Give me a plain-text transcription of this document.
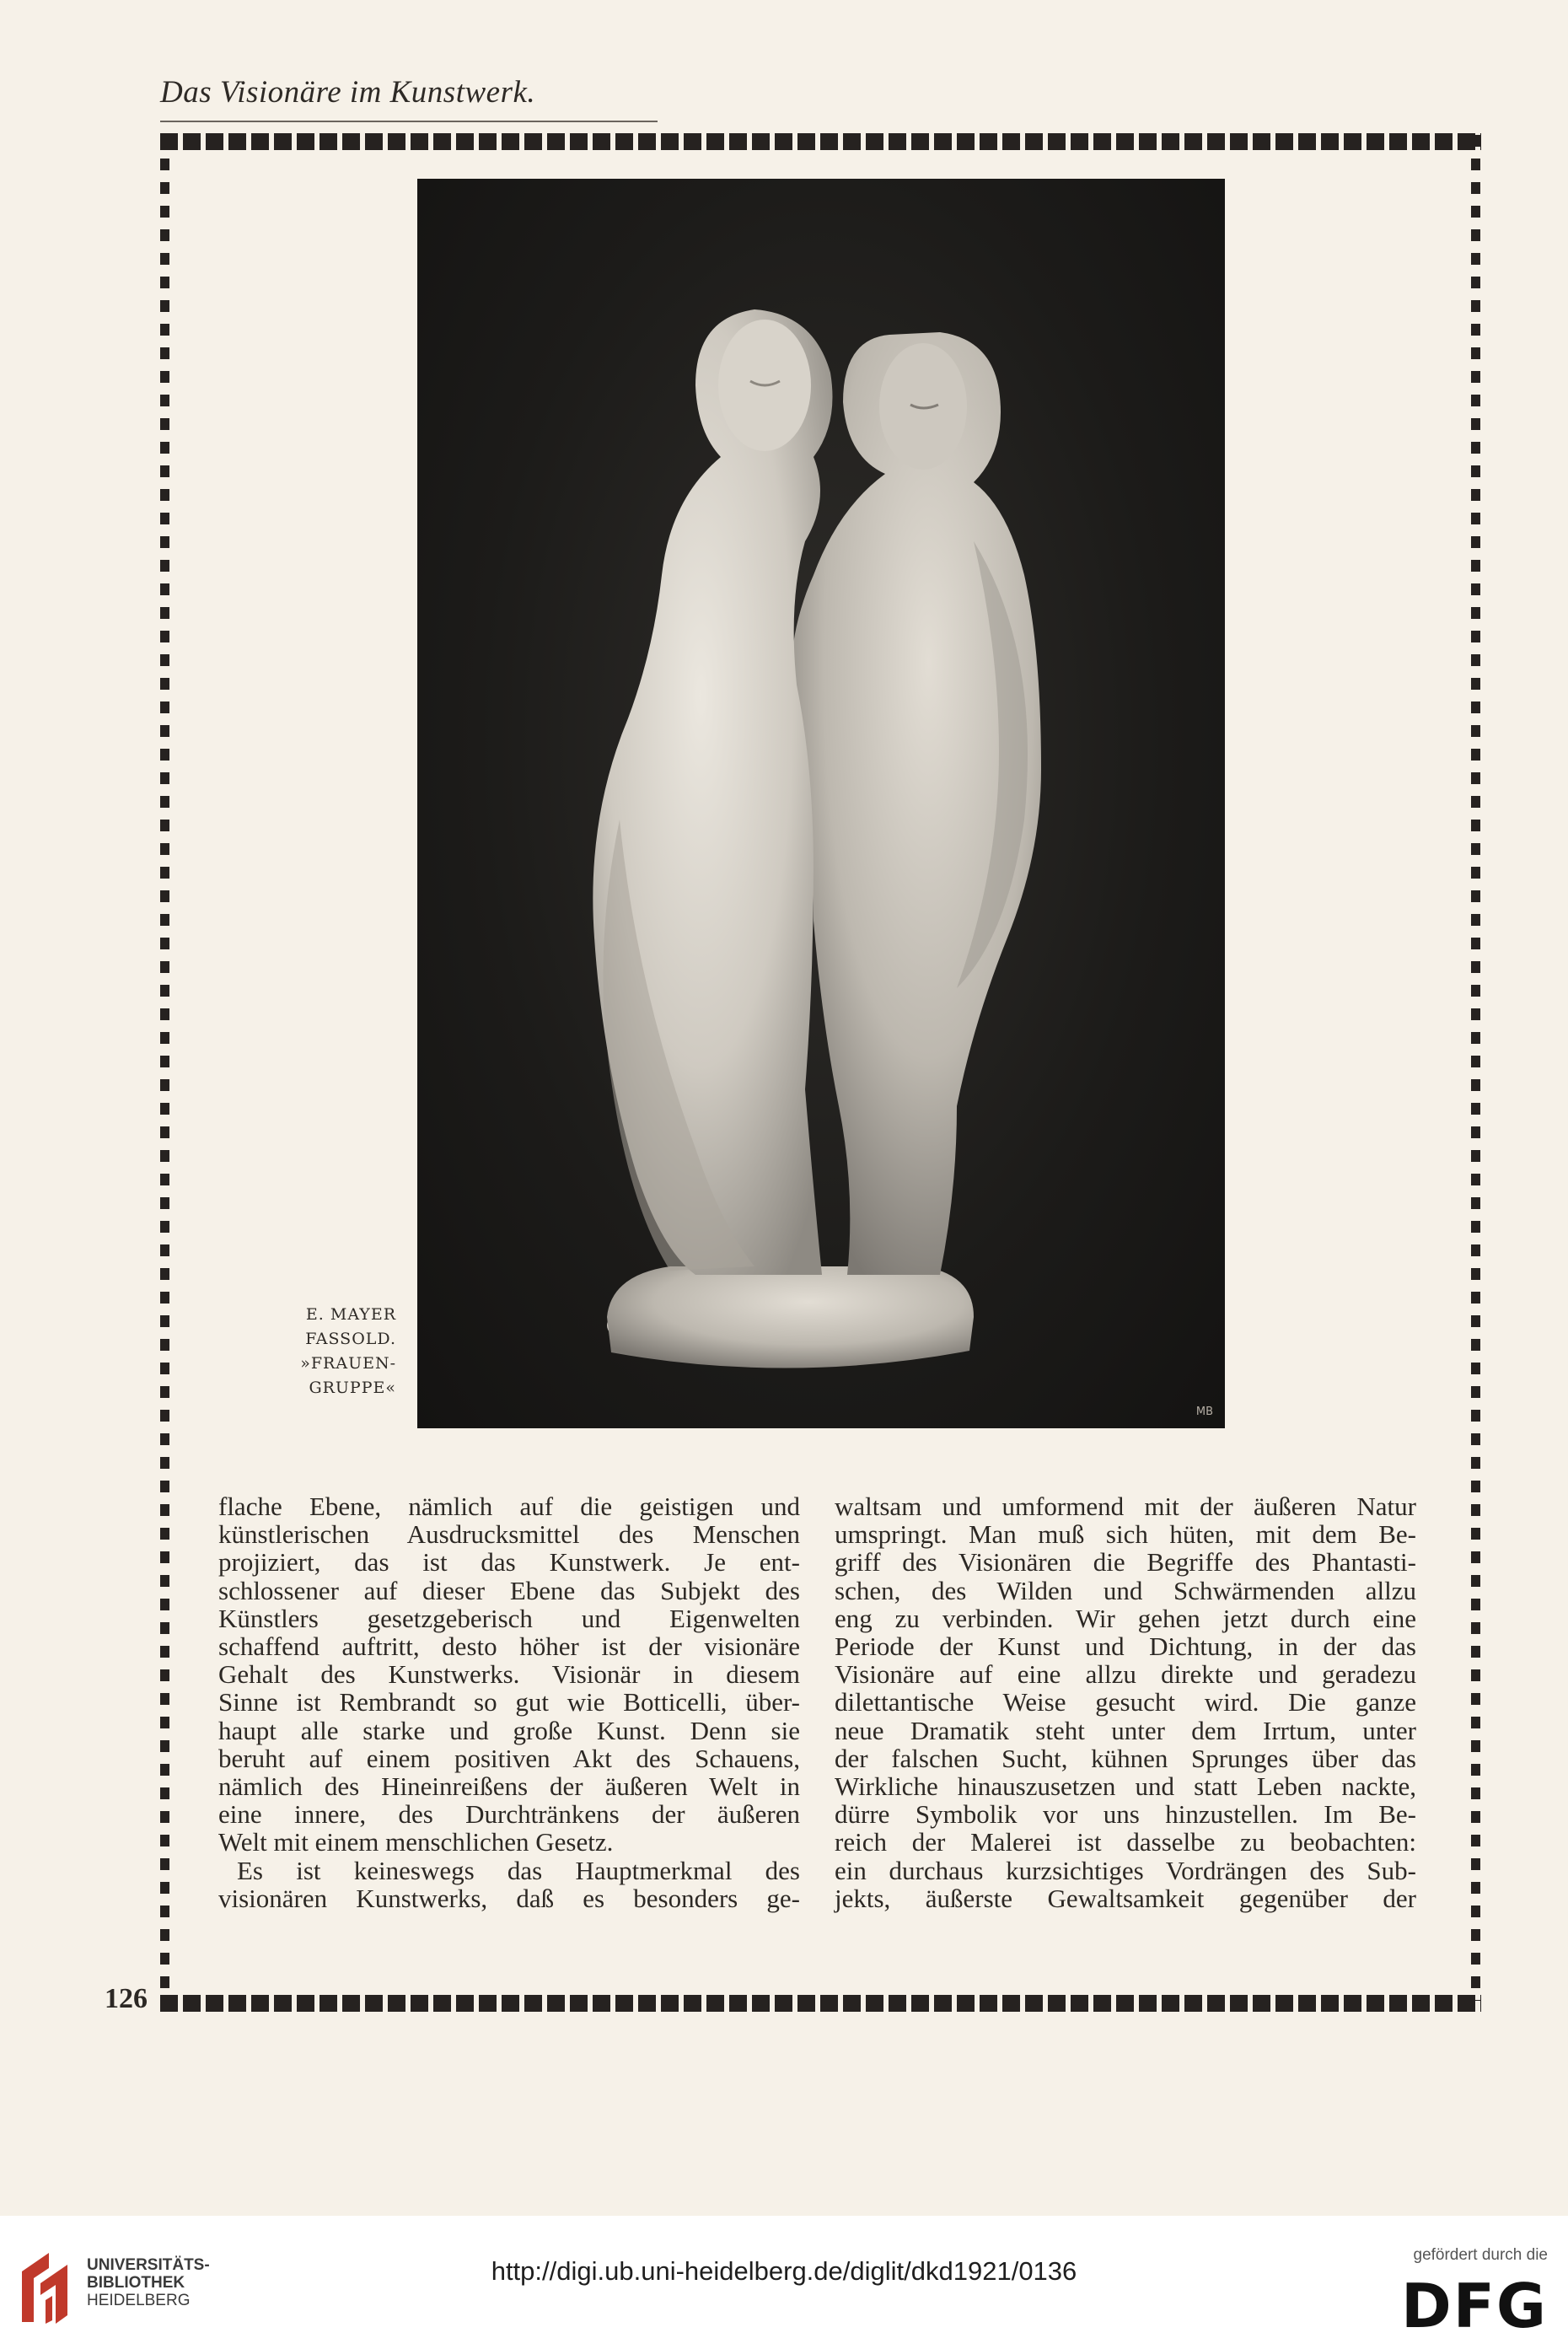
Das Visionäre im Kunstwerk.
MB
E. MAYER
FASSOLD.
»FRAUEN-
GRUPPE«
flache Ebene, nämlich auf die geistigen und
künstlerischen Ausdrucksmittel des Menschen
projiziert, das ist das Kunstwerk. Je ent-
schlossener auf dieser Ebene das Subjekt des
Künstlers gesetzgeberisch und Eigenwelten
schaffend auftritt, desto höher ist der visionäre
Gehalt des Kunstwerks. Visionär in diesem
Sinne ist Rembrandt so gut wie Botticelli, über-
haupt alle starke und große Kunst. Denn sie
beruht auf einem positiven Akt des Schauens,
nämlich des Hineinreißens der äußeren Welt in
eine innere, des Durchtränkens der äußeren
Welt mit einem menschlichen Gesetz.
Es ist keineswegs das Hauptmerkmal des
visionären Kunstwerks, daß es besonders ge-
waltsam und umformend mit der äußeren Natur
umspringt. Man muß sich hüten, mit dem Be-
griff des Visionären die Begriffe des Phantasti-
schen, des Wilden und Schwärmenden allzu
eng zu verbinden. Wir gehen jetzt durch eine
Periode der Kunst und Dichtung, in der das
Visionäre auf eine allzu direkte und geradezu
dilettantische Weise gesucht wird. Die ganze
neue Dramatik steht unter dem Irrtum, unter
der falschen Sucht, kühnen Sprunges über das
Wirkliche hinauszusetzen und statt Leben nackte,
dürre Symbolik vor uns hinzustellen. Im Be-
reich der Malerei ist dasselbe zu beobachten:
ein durchaus kurzsichtiges Vordrängen des Sub-
jekts, äußerste Gewaltsamkeit gegenüber der
126
UNIVERSITÄTS-
BIBLIOTHEK
HEIDELBERG
http://digi.ub.uni-heidelberg.de/diglit/dkd1921/0136
gefördert durch die
DFG
